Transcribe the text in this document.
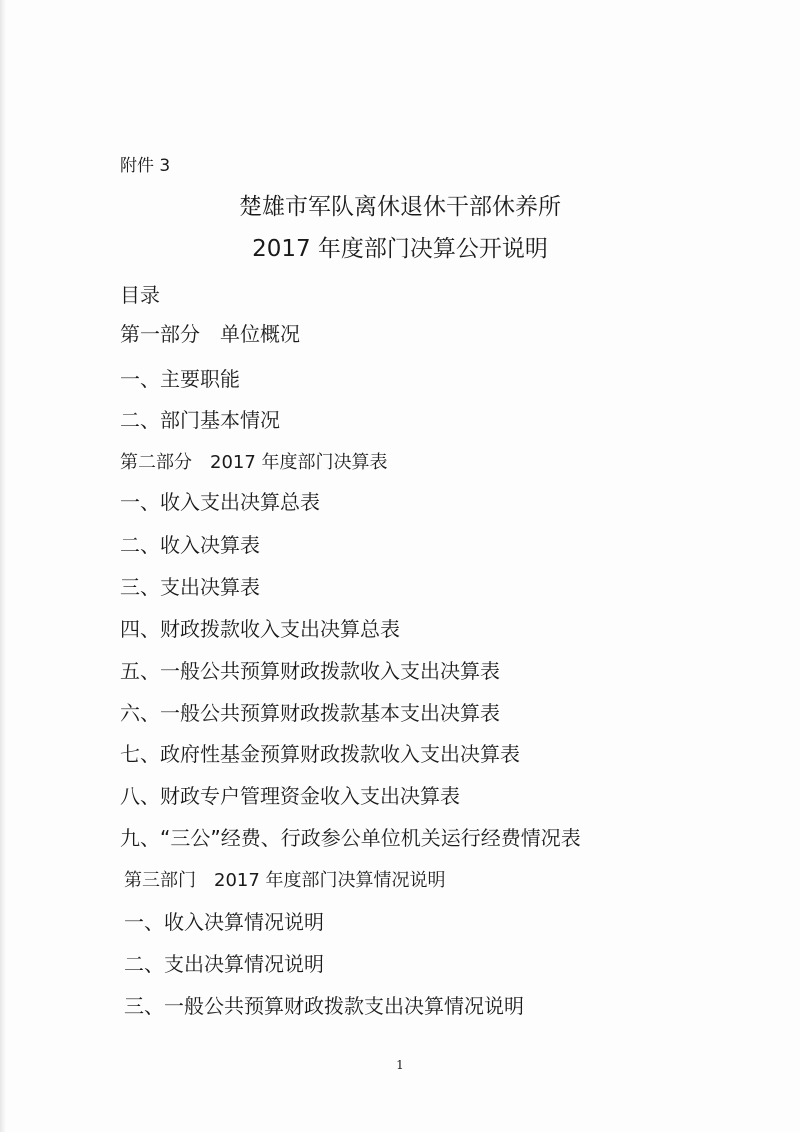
附件 3
楚雄市军队离休退休干部休养所
2017 年度部门决算公开说明
目录
第一部分　单位概况
一、主要职能
二、部门基本情况
第二部分　2017 年度部门决算表
一、收入支出决算总表
二、收入决算表
三、支出决算表
四、财政拨款收入支出决算总表
五、一般公共预算财政拨款收入支出决算表
六、一般公共预算财政拨款基本支出决算表
七、政府性基金预算财政拨款收入支出决算表
八、财政专户管理资金收入支出决算表
九、“三公”经费、行政参公单位机关运行经费情况表
第三部门　2017 年度部门决算情况说明
一、收入决算情况说明
二、支出决算情况说明
三、一般公共预算财政拨款支出决算情况说明
1
